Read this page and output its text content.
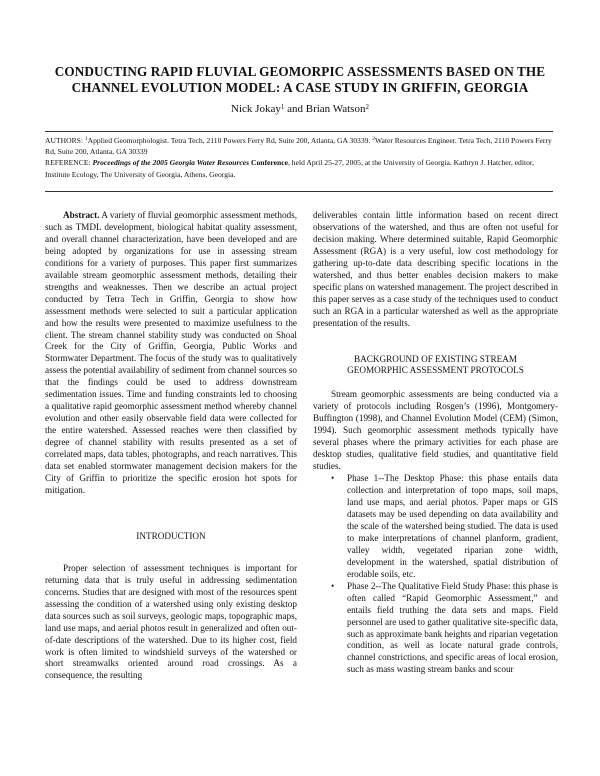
CONDUCTING RAPID FLUVIAL GEOMORPIC ASSESSMENTS BASED ON THE
CHANNEL EVOLUTION MODEL: A CASE STUDY IN GRIFFIN, GEORGIA
Nick Jokay$^1$ and Brian Watson$^2$

AUTHORS: $^1$Applied Geomorphologist. Tetra Tech, 2110 Powers Ferry Rd, Suite 200, Atlanta, GA 30339. $^2$Water Resources Engineer. Tetra Tech, 2110 Powers Ferry Rd, Suite 200, Atlanta, GA 30339

REFERENCE: Proceedings of the 2005 Georgia Water Resources Conference, held April 25-27, 2005, at the University of Georgia. Kathryn J. Hatcher, editor, Institute Ecology, The University of Georgia, Athens, Georgia.

Abstract. A variety of fluvial geomorphic assessment methods, such as TMDL development, biological habitat quality assessment, and overall channel characterization, have been developed and are being adopted by organizations for use in assessing stream conditions for a variety of purposes. This paper first summarizes available stream geomorphic assessment methods, detailing their strengths and weaknesses. Then we describe an actual project conducted by Tetra Tech in Griffin, Georgia to show how assessment methods were selected to suit a particular application and how the results were presented to maximize usefulness to the client. The stream channel stability study was conducted on Shoal Creek for the City of Griffin, Georgia, Public Works and Stormwater Department. The focus of the study was to qualitatively assess the potential availability of sediment from channel sources so that the findings could be used to address downstream sedimentation issues. Time and funding constraints led to choosing a qualitative rapid geomorphic assessment method whereby channel evolution and other easily observable field data were collected for the entire watershed. Assessed reaches were then classified by degree of channel stability with results presented as a set of correlated maps, data tables, photographs, and reach narratives. This data set enabled stormwater management decision makers for the City of Griffin to prioritize the specific erosion hot spots for mitigation.

INTRODUCTION

Proper selection of assessment techniques is important for returning data that is truly useful in addressing sedimentation concerns. Studies that are designed with most of the resources spent assessing the condition of a watershed using only existing desktop data sources such as soil surveys, geologic maps, topographic maps, land use maps, and aerial photos result in generalized and often out-of-date descriptions of the watershed. Due to its higher cost, field work is often limited to windshield surveys of the watershed or short streamwalks oriented around road crossings. As a consequence, the resulting

deliverables contain little information based on recent direct observations of the watershed, and thus are often not useful for decision making. Where determined suitable, Rapid Geomorphic Assessment (RGA) is a very useful, low cost methodology for gathering up-to-date data describing specific locations in the watershed, and thus better enables decision makers to make specific plans on watershed management. The project described in this paper serves as a case study of the techniques used to conduct such an RGA in a particular watershed as well as the appropriate presentation of the results.

BACKGROUND OF EXISTING STREAM
GEOMORPHIC ASSESSMENT PROTOCOLS

Stream geomorphic assessments are being conducted via a variety of protocols including Rosgen’s (1996), Montgomery-Buffington (1998), and Channel Evolution Model (CEM) (Simon, 1994). Such geomorphic assessment methods typically have several phases where the primary activities for each phase are desktop studies, qualitative field studies, and quantitative field studies.

• Phase 1--The Desktop Phase: this phase entails data collection and interpretation of topo maps, soil maps, land use maps, and aerial photos. Paper maps or GIS datasets may be used depending on data availability and the scale of the watershed being studied. The data is used to make interpretations of channel planform, gradient, valley width, vegetated riparian zone width, development in the watershed, spatial distribution of erodable soils, etc.
• Phase 2--The Qualitative Field Study Phase: this phase is often called “Rapid Geomorphic Assessment,” and entails field truthing the data sets and maps. Field personnel are used to gather qualitative site-specific data, such as approximate bank heights and riparian vegetation condition, as well as locate natural grade controls, channel constrictions, and specific areas of local erosion, such as mass wasting stream banks and scour
